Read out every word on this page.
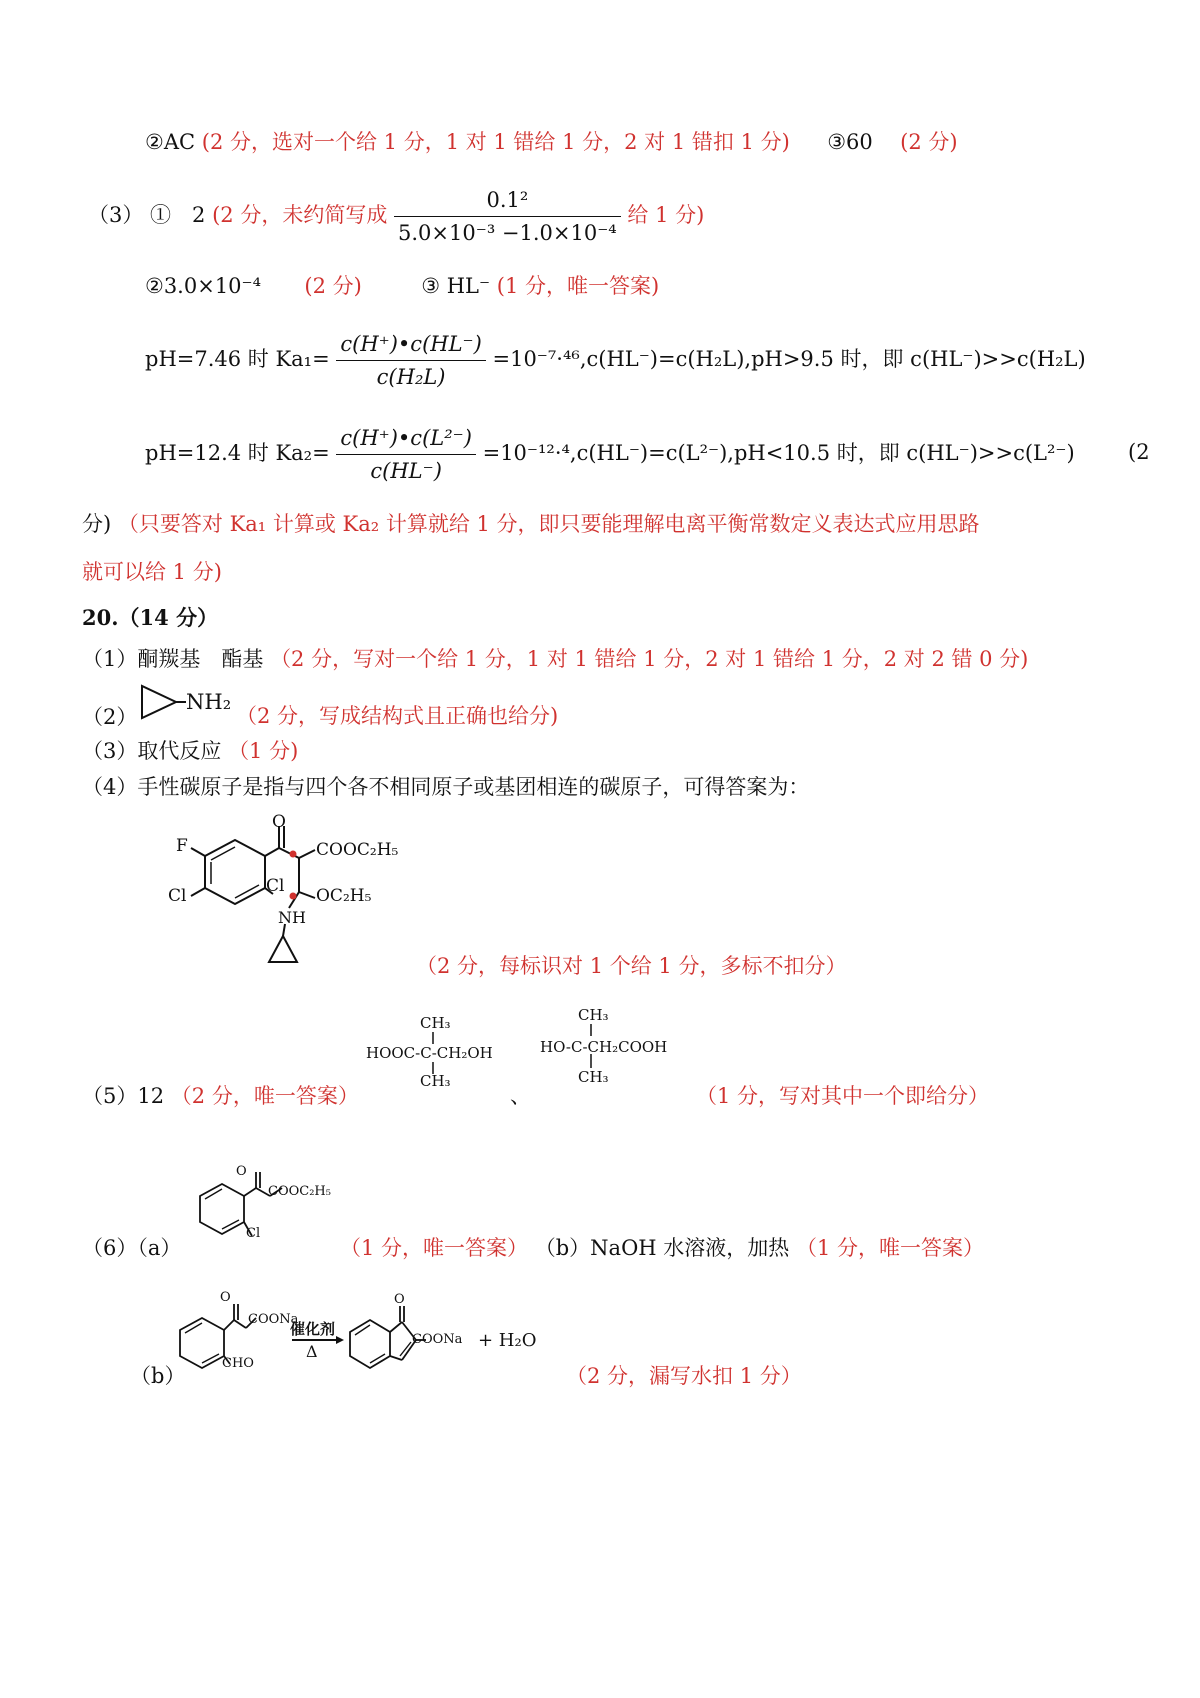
②AC (2 分，选对一个给 1 分，1 对 1 错给 1 分，2 对 1 错扣 1 分) ③60 (2 分)
（3） ①　2 (2 分，未约简写成 $\frac{\text{0.1²}}{\text{5.0×10⁻³ −1.0×10⁻⁴}}$ 给 1 分)
②3.0×10⁻⁴ (2 分)	③ HL⁻ (1 分，唯一答案)
pH=7.46 时 $Ka_1= \frac{c(H^+)•c(HL^-)}{\text{c(H₂L)}} =10^{-7}\cdot^{46},c(HL^-)=c(H_2L),pH>9.5$ 时，即 c(HL⁻)>>c(H₂L)
pH=12.4 时 $Ka_2= \frac{\text{c(H⁺)•c(L²⁻)}}{c(HL^-)} =10^{-12}\cdot^4,c(HL^-)=c(L^{2-}),pH<10.5$ 时，即 c(HL⁻)>>c(L²⁻)	(2
分) （只要答对 Ka₁ 计算或 Ka₂ 计算就给 1 分，即只要能理解电离平衡常数定义表达式应用思路
就可以给 1 分)
20.（14 分）
（1）酮羰基　酯基 （2 分，写对一个给 1 分，1 对 1 错给 1 分，2 对 1 错给 1 分，2 对 2 错 0 分)
（2）
NH₂
（2 分，写成结构式且正确也给分)
（3）取代反应 （1 分)
（4）手性碳原子是指与四个各不相同原子或基团相连的碳原子，可得答案为：
O
F	COOC₂H₅
Cl	Cl OC₂H₅
NH
（2 分，每标识对 1 个给 1 分，多标不扣分）
CH₃
HOOC-C-CH₂OH
CH₃
CH₃
HO-C-CH₂COOH
CH₃
（5）12 （2 分，唯一答案）	、	（1 分，写对其中一个即给分）
O
COOC₂H₅
Cl
（6）（a）	（1 分，唯一答案） （b）NaOH 水溶液，加热 （1 分，唯一答案）
O
COONa
CHO
催化剂
Δ
O
COONa + H₂O
（b）	（2 分，漏写水扣 1 分）
